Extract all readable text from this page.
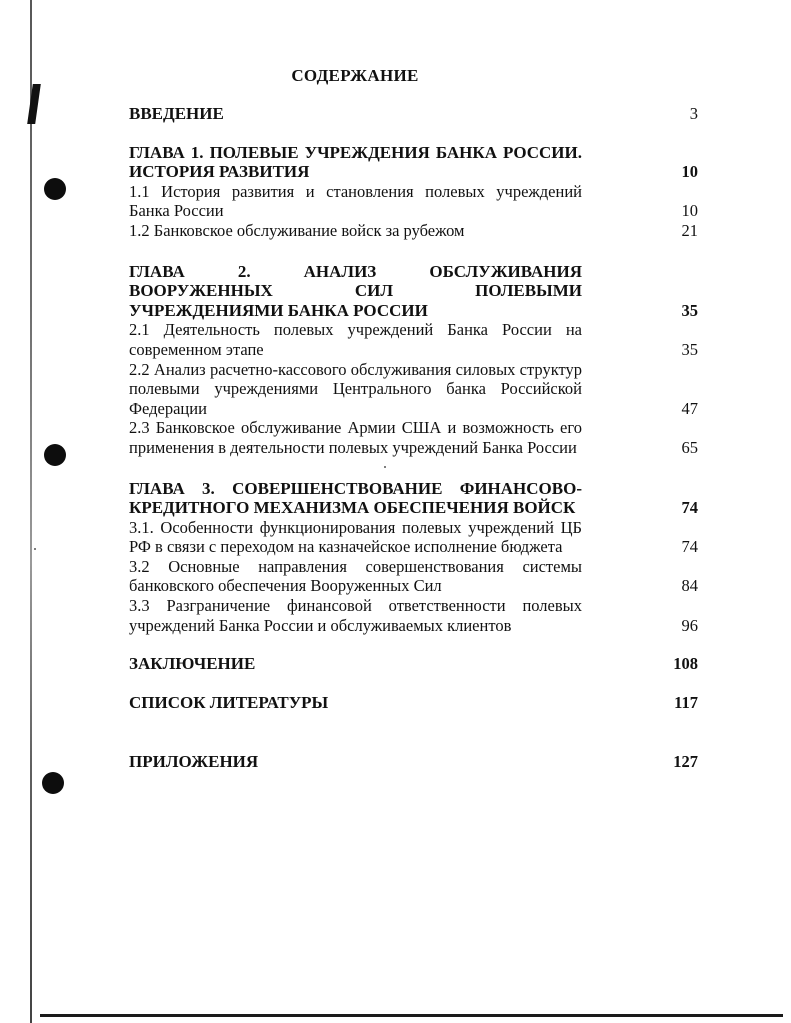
СОДЕРЖАНИЕ
ВВЕДЕНИЕ	3
ГЛАВА 1. ПОЛЕВЫЕ УЧРЕЖДЕНИЯ БАНКА РОССИИ. ИСТОРИЯ РАЗВИТИЯ	10
1.1 История развития и становления полевых учреждений Банка России	10
1.2 Банковское обслуживание войск за рубежом	21
ГЛАВА 2. АНАЛИЗ ОБСЛУЖИВАНИЯ ВООРУЖЕННЫХ СИЛ ПОЛЕВЫМИ УЧРЕЖДЕНИЯМИ БАНКА РОССИИ	35
2.1 Деятельность полевых учреждений Банка России на современном этапе	35
2.2 Анализ расчетно-кассового обслуживания силовых структур полевыми учреждениями Центрального банка Российской Федерации	47
2.3 Банковское обслуживание Армии США и возможность его применения в деятельности полевых учреждений Банка России	65
ГЛАВА 3. СОВЕРШЕНСТВОВАНИЕ ФИНАНСОВО-КРЕДИТНОГО МЕХАНИЗМА ОБЕСПЕЧЕНИЯ ВОЙСК	74
3.1. Особенности функционирования полевых учреждений ЦБ РФ в связи с переходом на казначейское исполнение бюджета	74
3.2 Основные направления совершенствования системы банковского обеспечения Вооруженных Сил	84
3.3 Разграничение финансовой ответственности полевых учреждений Банка России и обслуживаемых клиентов	96
ЗАКЛЮЧЕНИЕ	108
СПИСОК ЛИТЕРАТУРЫ	117
ПРИЛОЖЕНИЯ	127
